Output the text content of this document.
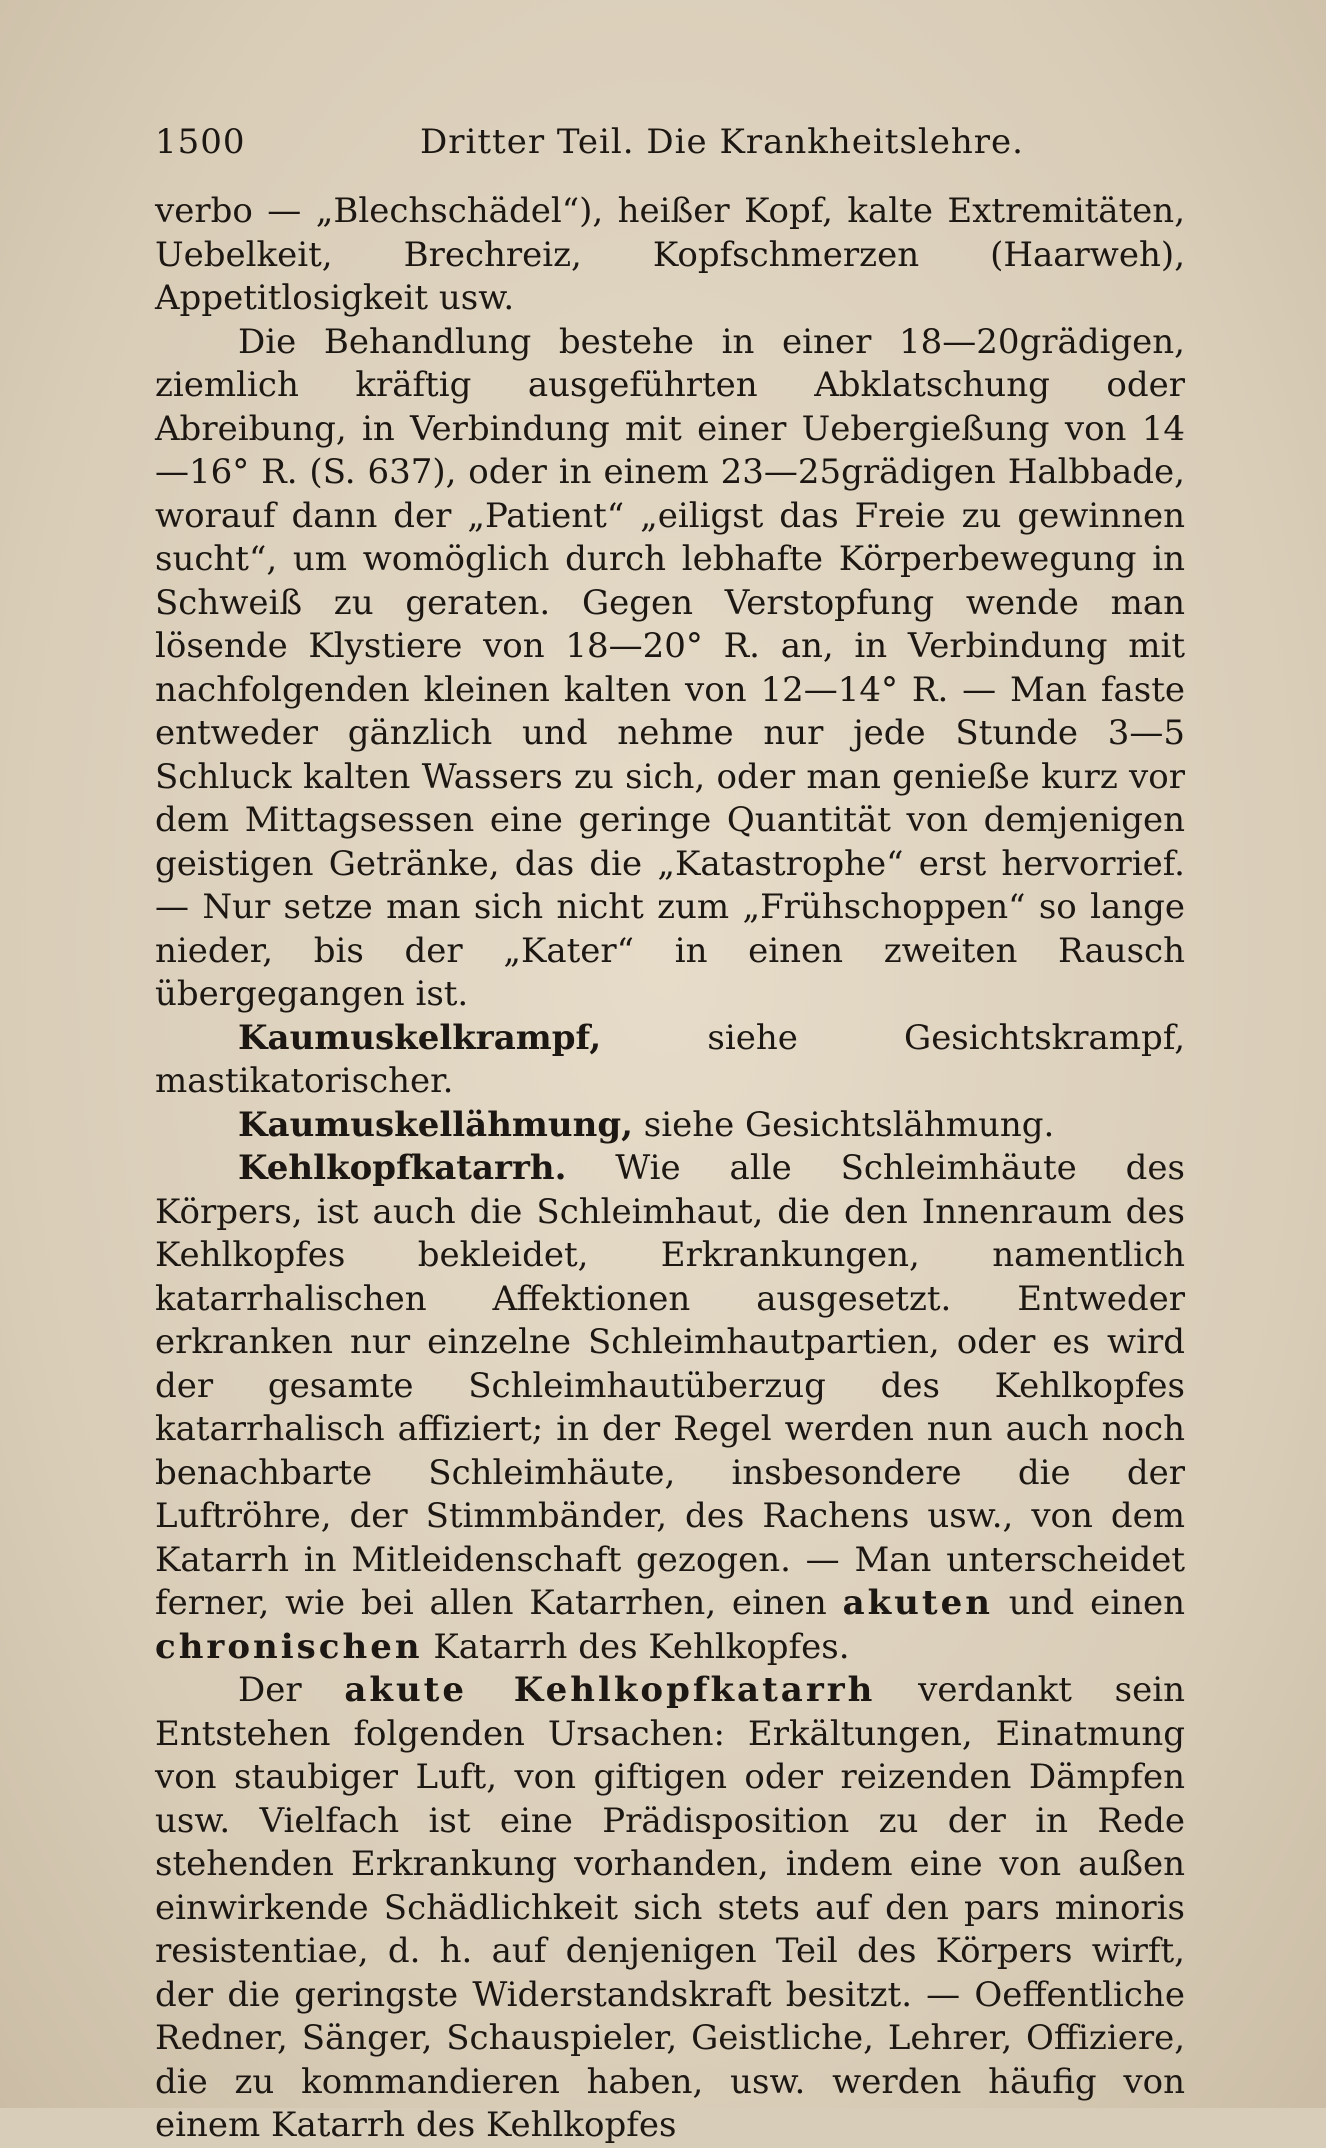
1500	Dritter Teil. Die Krankheitslehre.

verbo — „Blechschädel“), heißer Kopf, kalte Extremitäten, Uebelkeit, Brechreiz, Kopfschmerzen (Haarweh), Appetitlosigkeit usw.

Die Behandlung bestehe in einer 18—20grädigen, ziemlich kräftig ausgeführten Abklatschung oder Abreibung, in Verbindung mit einer Uebergießung von 14—16° R. (S. 637), oder in einem 23—25grädigen Halbbade, worauf dann der „Patient“ „eiligst das Freie zu gewinnen sucht“, um womöglich durch lebhafte Körperbewegung in Schweiß zu geraten. Gegen Verstopfung wende man lösende Klystiere von 18—20° R. an, in Verbindung mit nachfolgenden kleinen kalten von 12—14° R. — Man faste entweder gänzlich und nehme nur jede Stunde 3—5 Schluck kalten Wassers zu sich, oder man genieße kurz vor dem Mittagsessen eine geringe Quantität von demjenigen geistigen Getränke, das die „Katastrophe“ erst hervorrief. — Nur setze man sich nicht zum „Frühschoppen“ so lange nieder, bis der „Kater“ in einen zweiten Rausch übergegangen ist.

Kaumuskelkrampf, siehe Gesichtskrampf, mastikatorischer.

Kaumuskellähmung, siehe Gesichtslähmung.

Kehlkopfkatarrh. Wie alle Schleimhäute des Körpers, ist auch die Schleimhaut, die den Innenraum des Kehlkopfes bekleidet, Erkrankungen, namentlich katarrhalischen Affektionen ausgesetzt. Entweder erkranken nur einzelne Schleimhautpartien, oder es wird der gesamte Schleimhautüberzug des Kehlkopfes katarrhalisch affiziert; in der Regel werden nun auch noch benachbarte Schleimhäute, insbesondere die der Luftröhre, der Stimmbänder, des Rachens usw., von dem Katarrh in Mitleidenschaft gezogen. — Man unterscheidet ferner, wie bei allen Katarrhen, einen akuten und einen chronischen Katarrh des Kehlkopfes.

Der akute Kehlkopfkatarrh verdankt sein Entstehen folgenden Ursachen: Erkältungen, Einatmung von staubiger Luft, von giftigen oder reizenden Dämpfen usw. Vielfach ist eine Prädisposition zu der in Rede stehenden Erkrankung vorhanden, indem eine von außen einwirkende Schädlichkeit sich stets auf den pars minoris resistentiae, d. h. auf denjenigen Teil des Körpers wirft, der die geringste Widerstandskraft besitzt. — Oeffentliche Redner, Sänger, Schauspieler, Geistliche, Lehrer, Offiziere, die zu kommandieren haben, usw. werden häufig von einem Katarrh des Kehlkopfes
